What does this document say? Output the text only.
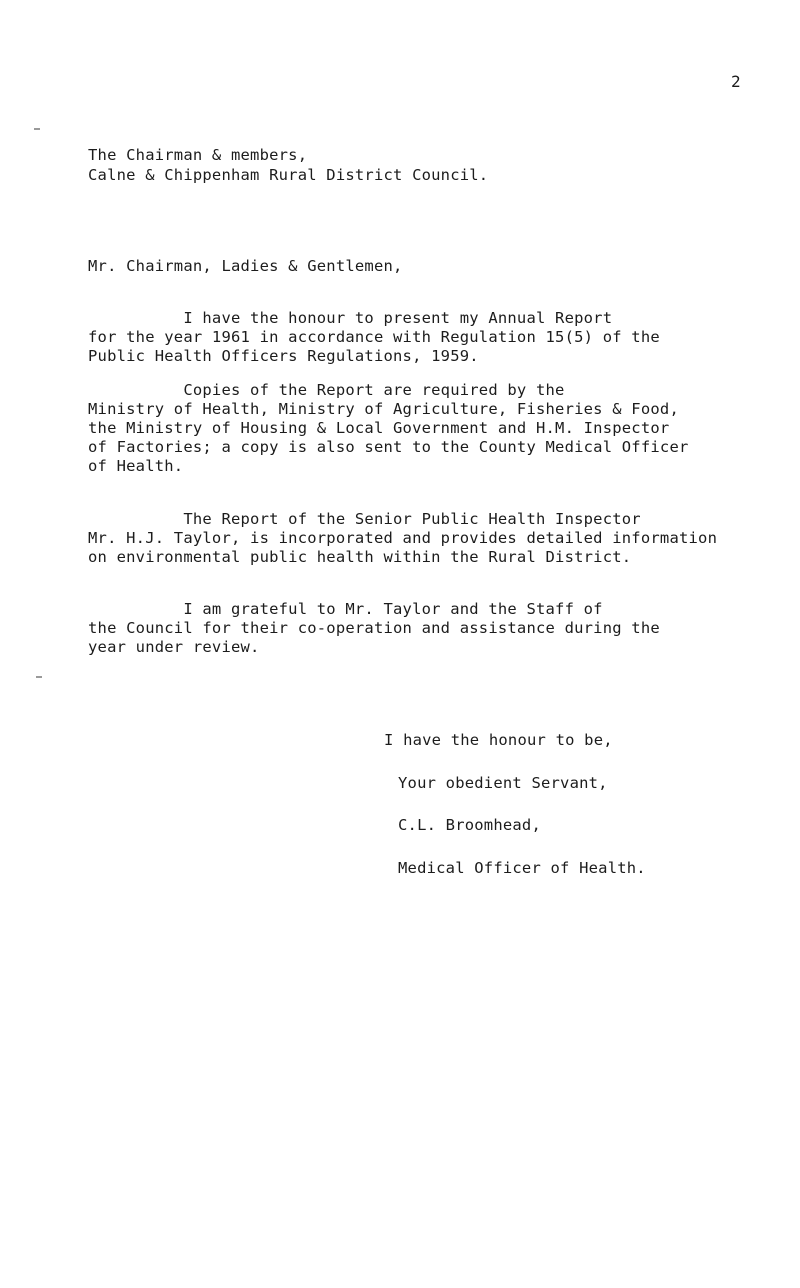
2
The Chairman & members,
Calne & Chippenham Rural District Council.
Mr. Chairman, Ladies & Gentlemen,
I have the honour to present my Annual Report
for the year 1961 in accordance with Regulation 15(5) of the
Public Health Officers Regulations, 1959.
Copies of the Report are required by the
Ministry of Health, Ministry of Agriculture, Fisheries & Food,
the Ministry of Housing & Local Government and H.M. Inspector
of Factories; a copy is also sent to the County Medical Officer
of Health.
The Report of the Senior Public Health Inspector
Mr. H.J. Taylor, is incorporated and provides detailed information
on environmental public health within the Rural District.
I am grateful to Mr. Taylor and the Staff of
the Council for their co-operation and assistance during the
year under review.
I have the honour to be,
Your obedient Servant,
C.L. Broomhead,
Medical Officer of Health.
